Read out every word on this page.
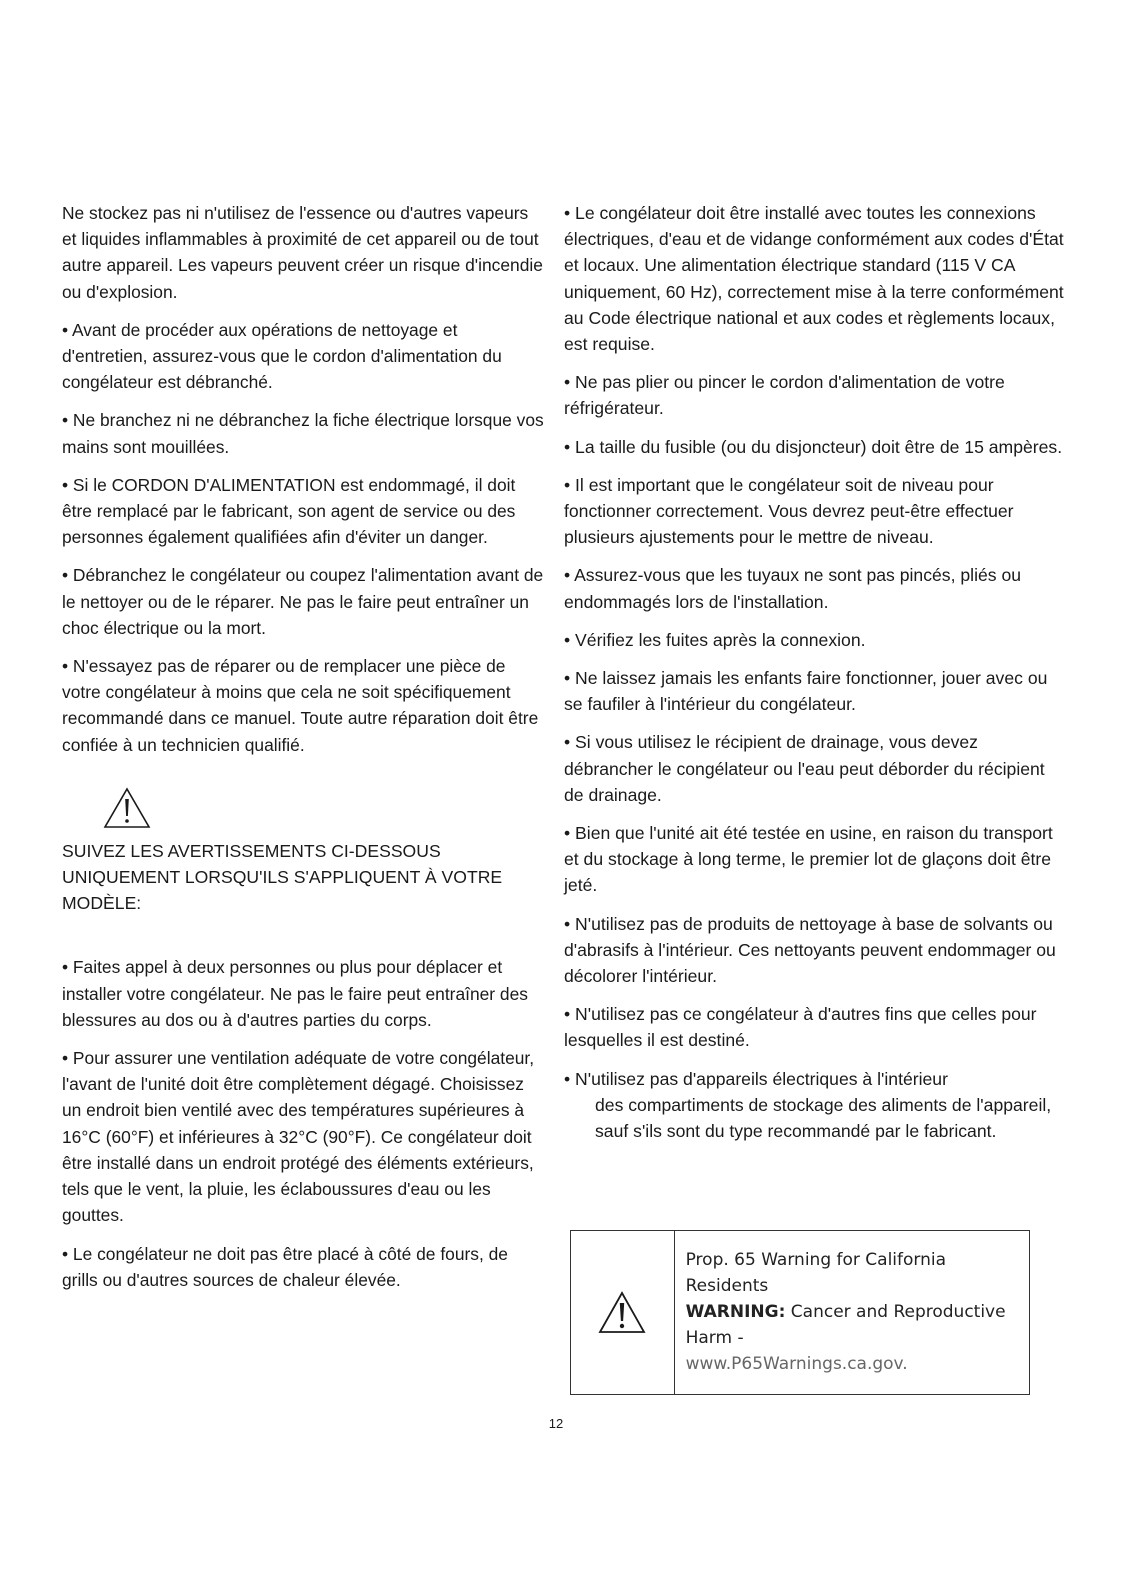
Ne stockez pas ni n'utilisez de l'essence ou d'autres vapeurs et liquides inflammables à proximité de cet appareil ou de tout autre appareil. Les vapeurs peuvent créer un risque d'incendie ou d'explosion.

• Avant de procéder aux opérations de nettoyage et d'entretien, assurez-vous que le cordon d'alimentation du congélateur est débranché.

• Ne branchez ni ne débranchez la fiche électrique lorsque vos mains sont mouillées.

• Si le CORDON D'ALIMENTATION est endommagé, il doit être remplacé par le fabricant, son agent de service ou des personnes également qualifiées afin d'éviter un danger.

• Débranchez le congélateur ou coupez l'alimentation avant de le nettoyer ou de le réparer. Ne pas le faire peut entraîner un choc électrique ou la mort.

• N'essayez pas de réparer ou de remplacer une pièce de votre congélateur à moins que cela ne soit spécifiquement recommandé dans ce manuel. Toute autre réparation doit être confiée à un technicien qualifié.

SUIVEZ LES AVERTISSEMENTS CI-DESSOUS UNIQUEMENT LORSQU'ILS S'APPLIQUENT À VOTRE MODÈLE:

• Faites appel à deux personnes ou plus pour déplacer et installer votre congélateur. Ne pas le faire peut entraîner des blessures au dos ou à d'autres parties du corps.

• Pour assurer une ventilation adéquate de votre congélateur, l'avant de l'unité doit être complètement dégagé. Choisissez un endroit bien ventilé avec des températures supérieures à 16°C (60°F) et inférieures à 32°C (90°F). Ce congélateur doit être installé dans un endroit protégé des éléments extérieurs, tels que le vent, la pluie, les éclaboussures d'eau ou les gouttes.

• Le congélateur ne doit pas être placé à côté de fours, de grills ou d'autres sources de chaleur élevée.

• Le congélateur doit être installé avec toutes les connexions électriques, d'eau et de vidange conformément aux codes d'État et locaux. Une alimentation électrique standard (115 V CA uniquement, 60 Hz), correctement mise à la terre conformément au Code électrique national et aux codes et règlements locaux, est requise.

• Ne pas plier ou pincer le cordon d'alimentation de votre réfrigérateur.

• La taille du fusible (ou du disjoncteur) doit être de 15 ampères.

• Il est important que le congélateur soit de niveau pour fonctionner correctement. Vous devrez peut-être effectuer plusieurs ajustements pour le mettre de niveau.

• Assurez-vous que les tuyaux ne sont pas pincés, pliés ou endommagés lors de l'installation.

• Vérifiez les fuites après la connexion.

• Ne laissez jamais les enfants faire fonctionner, jouer avec ou se faufiler à l'intérieur du congélateur.

• Si vous utilisez le récipient de drainage, vous devez débrancher le congélateur ou l'eau peut déborder du récipient de drainage.

• Bien que l'unité ait été testée en usine, en raison du transport et du stockage à long terme, le premier lot de glaçons doit être jeté.

• N'utilisez pas de produits de nettoyage à base de solvants ou d'abrasifs à l'intérieur. Ces nettoyants peuvent endommager ou décolorer l'intérieur.

• N'utilisez pas ce congélateur à d'autres fins que celles pour lesquelles il est destiné.

• N'utilisez pas d'appareils électriques à l'intérieur

des compartiments de stockage des aliments de l'appareil, sauf s'ils sont du type recommandé par le fabricant.

Prop. 65 Warning for California Residents
WARNING: Cancer and Reproductive Harm -
www.P65Warnings.ca.gov.
12
